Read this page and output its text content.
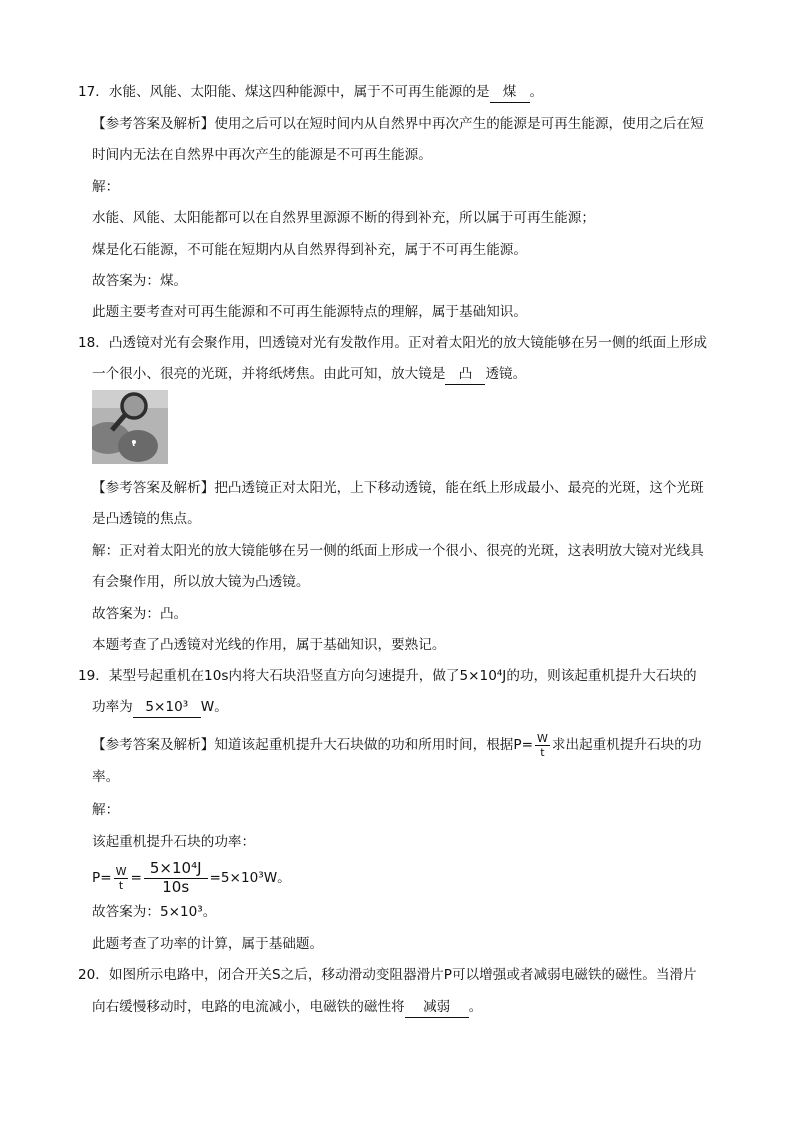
17．水能、风能、太阳能、煤这四种能源中，属于不可再生能源的是 煤 。
【参考答案及解析】使用之后可以在短时间内从自然界中再次产生的能源是可再生能源，使用之后在短
时间内无法在自然界中再次产生的能源是不可再生能源。
解：
水能、风能、太阳能都可以在自然界里源源不断的得到补充，所以属于可再生能源；
煤是化石能源，不可能在短期内从自然界得到补充，属于不可再生能源。
故答案为：煤。
此题主要考查对可再生能源和不可再生能源特点的理解，属于基础知识。
18．凸透镜对光有会聚作用，凹透镜对光有发散作用。正对着太阳光的放大镜能够在另一侧的纸面上形成
一个很小、很亮的光斑，并将纸烤焦。由此可知，放大镜是 凸 透镜。
【参考答案及解析】把凸透镜正对太阳光，上下移动透镜，能在纸上形成最小、最亮的光斑，这个光斑
是凸透镜的焦点。
解：正对着太阳光的放大镜能够在另一侧的纸面上形成一个很小、很亮的光斑，这表明放大镜对光线具
有会聚作用，所以放大镜为凸透镜。
故答案为：凸。
本题考查了凸透镜对光线的作用，属于基础知识，要熟记。
19．某型号起重机在10s内将大石块沿竖直方向匀速提升，做了5×10⁴J的功，则该起重机提升大石块的
功率为 5×10³ W。
【参考答案及解析】知道该起重机提升大石块做的功和所用时间，根据$P= \frac{W}{t}$ 求出起重机提升石块的功
率。
解：
该起重机提升石块的功率：
$P= \frac{W}{t} = \frac{\text{5×10⁴J}}{10s} =5\times 10^3W$。
故答案为：5×10³。
此题考查了功率的计算，属于基础题。
20．如图所示电路中，闭合开关S之后，移动滑动变阻器滑片P可以增强或者减弱电磁铁的磁性。当滑片
向右缓慢移动时，电路的电流减小，电磁铁的磁性将 减弱 。
